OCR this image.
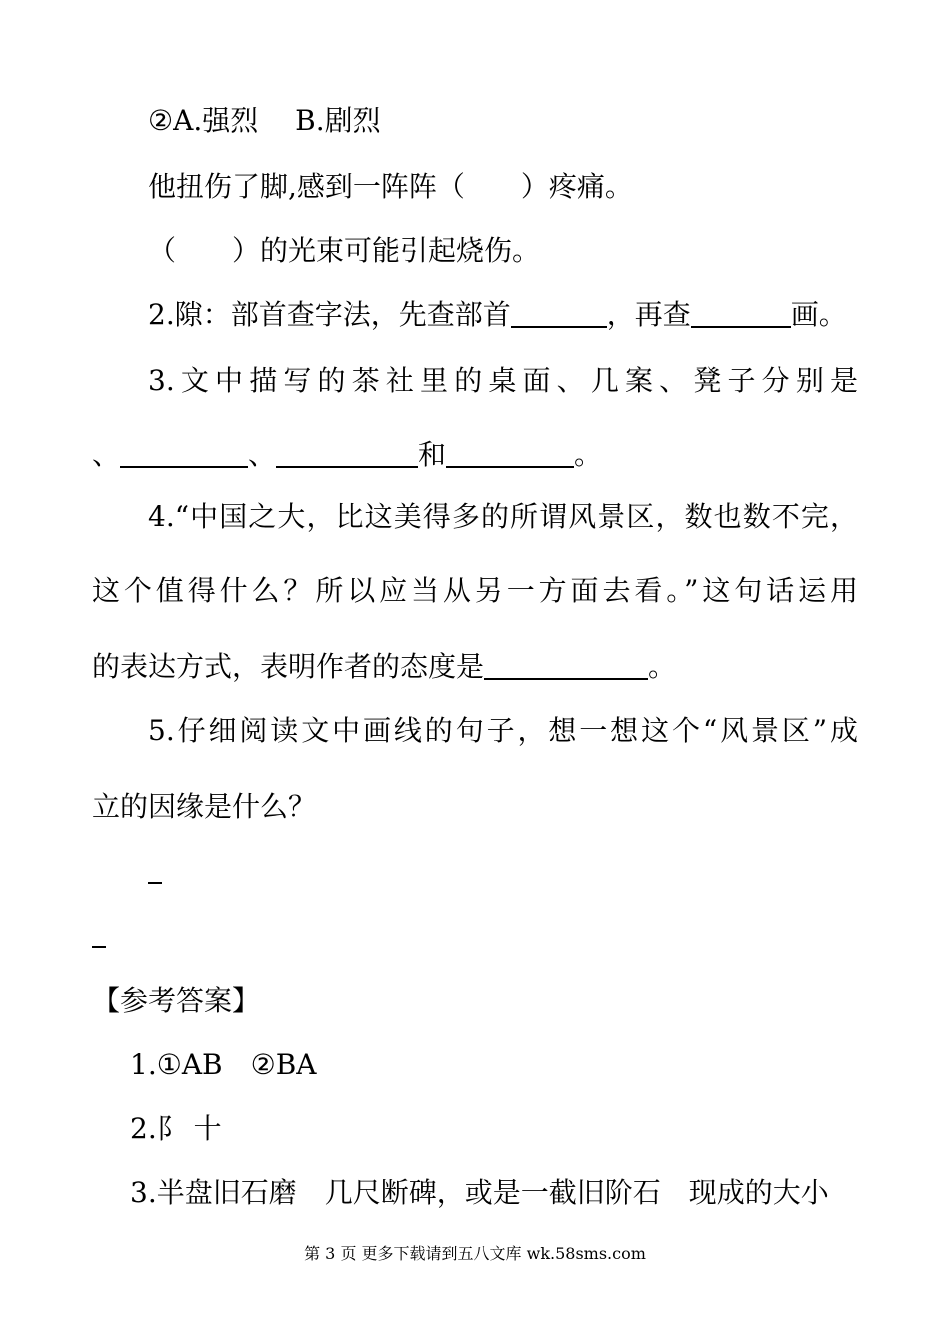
②A.强烈　 B.剧烈
他扭伤了脚,感到一阵阵（　　）疼痛。
（　　）的光束可能引起烧伤。
2.隙：部首查字法，先查部首	，再查	画。
3.文中描写的茶社里的桌面、几案、凳子分别是
、	、	和	。
4.“中国之大，比这美得多的所谓风景区，数也数不完，
这个值得什么？所以应当从另一方面去看。”这句话运用
的表达方式，表明作者的态度是	。
5.仔细阅读文中画线的句子，想一想这个“风景区”成
立的因缘是什么？
【参考答案】
1.①AB　②BA
2.阝 十
3.半盘旧石磨　几尺断碑，或是一截旧阶石　现成的大小
第 3 页 更多下载请到五八文库 wk.58sms.com
